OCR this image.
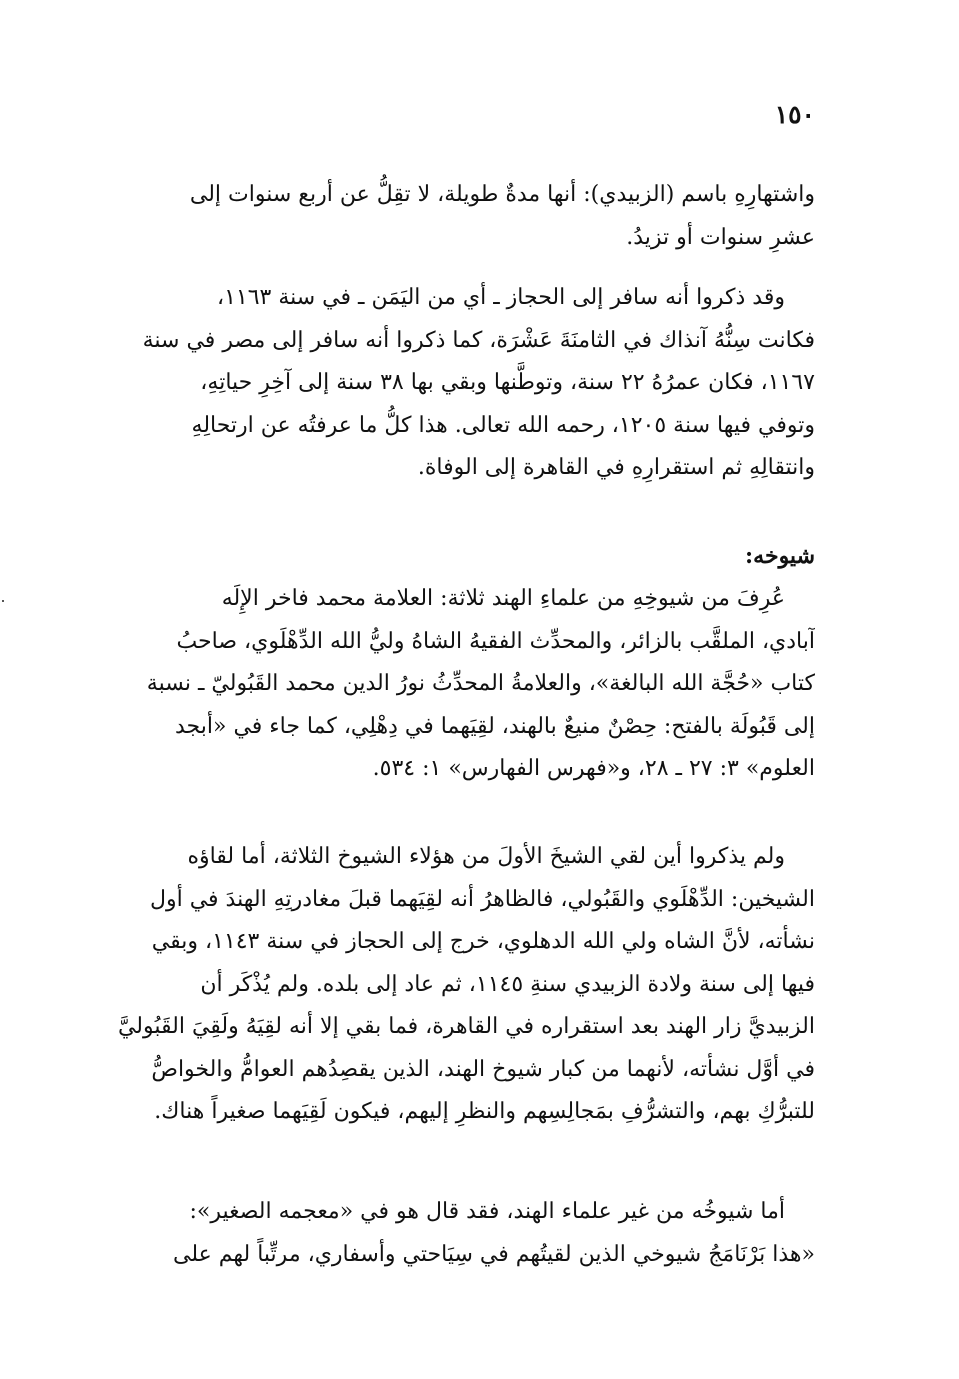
١٥٠

واشتهارِهِ باسم (الزبيدي): أنها مدةٌ طويلة، لا تقِلُّ عن أربع سنوات إلى
عشرِ سنوات أو تزيدُ.

وقد ذكروا أنه سافر إلى الحجاز ـ أي من اليَمَن ـ في سنة ١١٦٣،
فكانت سِنُّهُ آنذاك في الثامنَةَ عَشْرَة، كما ذكروا أنه سافر إلى مصر في سنة
١١٦٧، فكان عمرُهُ ٢٢ سنة، وتوطَّنها وبقي بها ٣٨ سنة إلى آخِرِ حياتِهِ،
وتوفي فيها سنة ١٢٠٥، رحمه الله تعالى. هذا كلُّ ما عرفتُه عن ارتحالِهِ
وانتقالِهِ ثم استقرارِهِ في القاهرة إلى الوفاة.

شيوخه:

عُرِفَ من شيوخِهِ من علماءِ الهند ثلاثة: العلامة محمد فاخر الإِلَه
آبادي، الملقَّب بالزائر، والمحدِّث الفقيهُ الشاهُ وليُّ الله الدِّهْلَوي، صاحبُ
كتاب «حُجَّة الله البالغة»، والعلامةُ المحدِّثُ نورُ الدين محمد القَبُوليّ ـ نسبة
إلى قَبُولَة بالفتح: حِصْنٌ منيعٌ بالهند، لقِيَهما في دِهْلِي، كما جاء في «أبجد
العلوم» ٣: ٢٧ ـ ٢٨، و«فهرس الفهارس» ١: ٥٣٤.

ولم يذكروا أين لقي الشيخَ الأولَ من هؤلاء الشيوخ الثلاثة، أما لقاؤه
الشيخين: الدِّهْلَوي والقَبُولي، فالظاهرُ أنه لقِيَهما قبلَ مغادرتِهِ الهندَ في أول
نشأته، لأنَّ الشاه ولي الله الدهلوي، خرج إلى الحجاز في سنة ١١٤٣، وبقي
فيها إلى سنة ولادة الزبيدي سنةِ ١١٤٥، ثم عاد إلى بلده. ولم يُذْكَر أن
الزبيديَّ زار الهند بعد استقراره في القاهرة، فما بقي إلا أنه لقِيَهُ ولَقِيَ القَبُوليَّ
في أوَّل نشأته، لأنهما من كبار شيوخ الهند، الذين يقصِدُهم العوامُّ والخواصُّ
للتبرُّكِ بهم، والتشرُّفِ بمَجالِسِهم والنظرِ إليهم، فيكون لَقِيَهما صغيراً هناك.

أما شيوخُه من غير علماء الهند، فقد قال هو في «معجمه الصغير»:
«هذا بَرْنَامَجُ شيوخي الذين لقيتُهم في سِيَاحتي وأسفاري، مرتِّباً لهم على
